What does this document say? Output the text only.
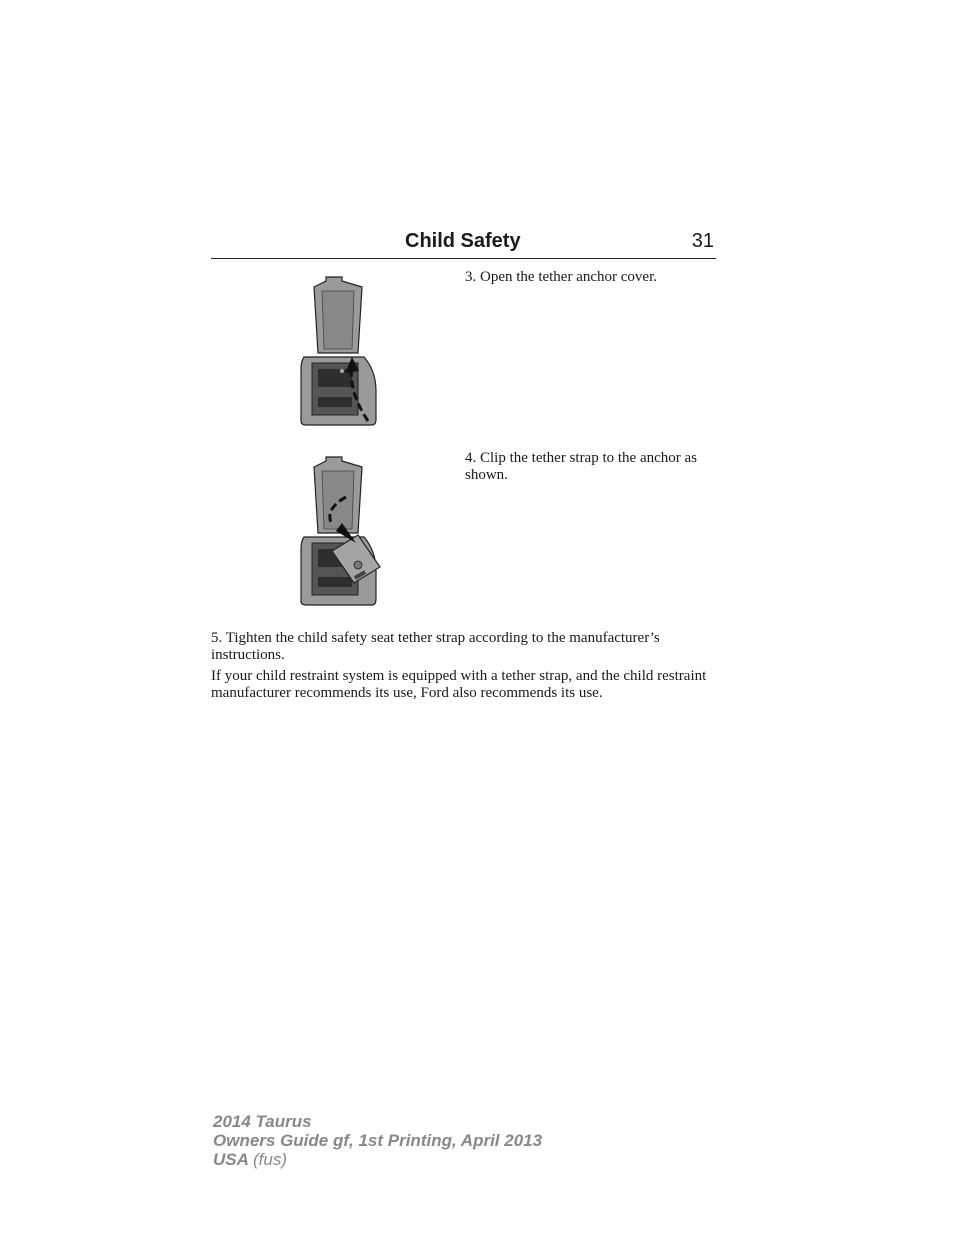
Child Safety	31
3. Open the tether anchor cover.
4. Clip the tether strap to the anchor as shown.
5. Tighten the child safety seat tether strap according to the manufacturer’s instructions.
If your child restraint system is equipped with a tether strap, and the child restraint manufacturer recommends its use, Ford also recommends its use.
2014 Taurus
Owners Guide gf, 1st Printing, April 2013
USA (fus)
